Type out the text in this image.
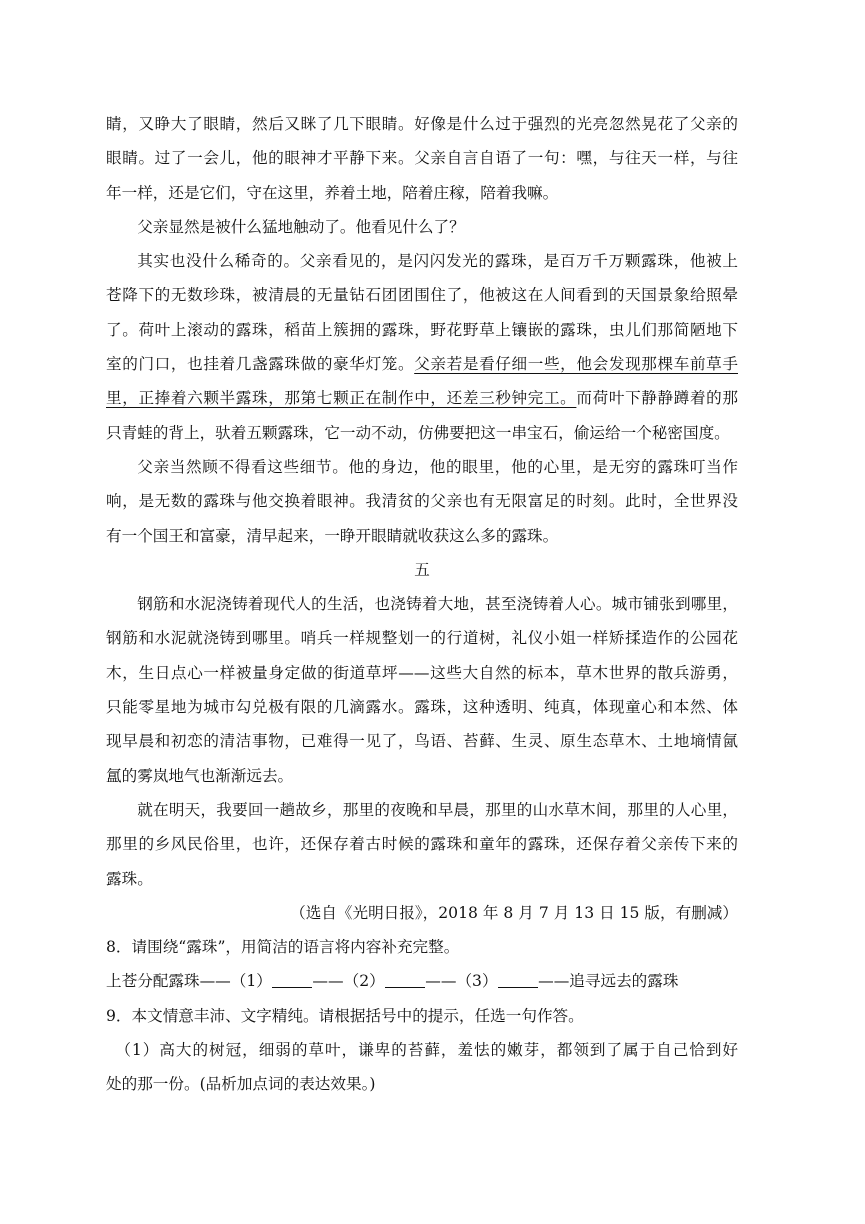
睛，又睁大了眼睛，然后又眯了几下眼睛。好像是什么过于强烈的光亮忽然晃花了父亲的
眼睛。过了一会儿，他的眼神才平静下来。父亲自言自语了一句：嘿，与往天一样，与往
年一样，还是它们，守在这里，养着土地，陪着庄稼，陪着我嘛。
父亲显然是被什么猛地触动了。他看见什么了？
其实也没什么稀奇的。父亲看见的，是闪闪发光的露珠，是百万千万颗露珠，他被上
苍降下的无数珍珠，被清晨的无量钻石团团围住了，他被这在人间看到的天国景象给照晕
了。荷叶上滚动的露珠，稻苗上簇拥的露珠，野花野草上镶嵌的露珠，虫儿们那简陋地下
室的门口，也挂着几盏露珠做的豪华灯笼。父亲若是看仔细一些，他会发现那棵车前草手
里，正捧着六颗半露珠，那第七颗正在制作中，还差三秒钟完工。而荷叶下静静蹲着的那
只青蛙的背上，驮着五颗露珠，它一动不动，仿佛要把这一串宝石，偷运给一个秘密国度。
父亲当然顾不得看这些细节。他的身边，他的眼里，他的心里，是无穷的露珠叮当作
响，是无数的露珠与他交换着眼神。我清贫的父亲也有无限富足的时刻。此时，全世界没
有一个国王和富豪，清早起来，一睁开眼睛就收获这么多的露珠。
五
钢筋和水泥浇铸着现代人的生活，也浇铸着大地，甚至浇铸着人心。城市铺张到哪里，
钢筋和水泥就浇铸到哪里。哨兵一样规整划一的行道树，礼仪小姐一样矫揉造作的公园花
木，生日点心一样被量身定做的街道草坪——这些大自然的标本，草木世界的散兵游勇，
只能零星地为城市勾兑极有限的几滴露水。露珠，这种透明、纯真，体现童心和本然、体
现早晨和初恋的清洁事物，已难得一见了，鸟语、苔藓、生灵、原生态草木、土地墒情氤
氲的雾岚地气也渐渐远去。
就在明天，我要回一趟故乡，那里的夜晚和早晨，那里的山水草木间，那里的人心里，
那里的乡风民俗里，也许，还保存着古时候的露珠和童年的露珠，还保存着父亲传下来的
露珠。
（选自《光明日报》，2018 年 8 月 7 月 13 日 15 版，有删减）
8．请围绕“露珠”，用简洁的语言将内容补充完整。
上苍分配露珠——（1）	——（2）	——（3）	——追寻远去的露珠
9．本文情意丰沛、文字精纯。请根据括号中的提示，任选一句作答。
（1）高大的树冠，细弱的草叶，谦卑的苔藓，羞怯的嫩芽，都领到了属于自己恰到好
处的那一份。(品析加点词的表达效果。)
